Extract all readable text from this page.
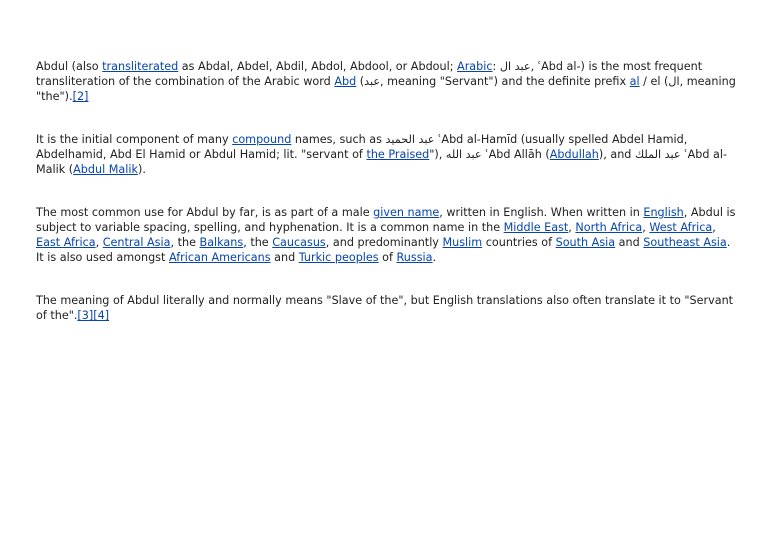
Abdul (also transliterated as Abdal, Abdel, Abdil, Abdol, Abdool, or Abdoul; Arabic: عبد ال‎, ʿAbd al-) is the most frequent transliteration of the combination of the Arabic word Abd (عبد, meaning "Servant") and the definite prefix al / el (ال, meaning "the").[2]

It is the initial component of many compound names, such as عبد الحميد ʿAbd al-Hamīd (usually spelled Abdel Hamid, Abdelhamid, Abd El Hamid or Abdul Hamid; lit. "servant of the Praised"), عبد الله ʿAbd Allāh (Abdullah), and عبد الملك ʿAbd al-Malik (Abdul Malik).

The most common use for Abdul by far, is as part of a male given name, written in English. When written in English, Abdul is subject to variable spacing, spelling, and hyphenation. It is a common name in the Middle East, North Africa, West Africa, East Africa, Central Asia, the Balkans, the Caucasus, and predominantly Muslim countries of South Asia and Southeast Asia. It is also used amongst African Americans and Turkic peoples of Russia.

The meaning of Abdul literally and normally means "Slave of the", but English translations also often translate it to "Servant of the".[3][4]
